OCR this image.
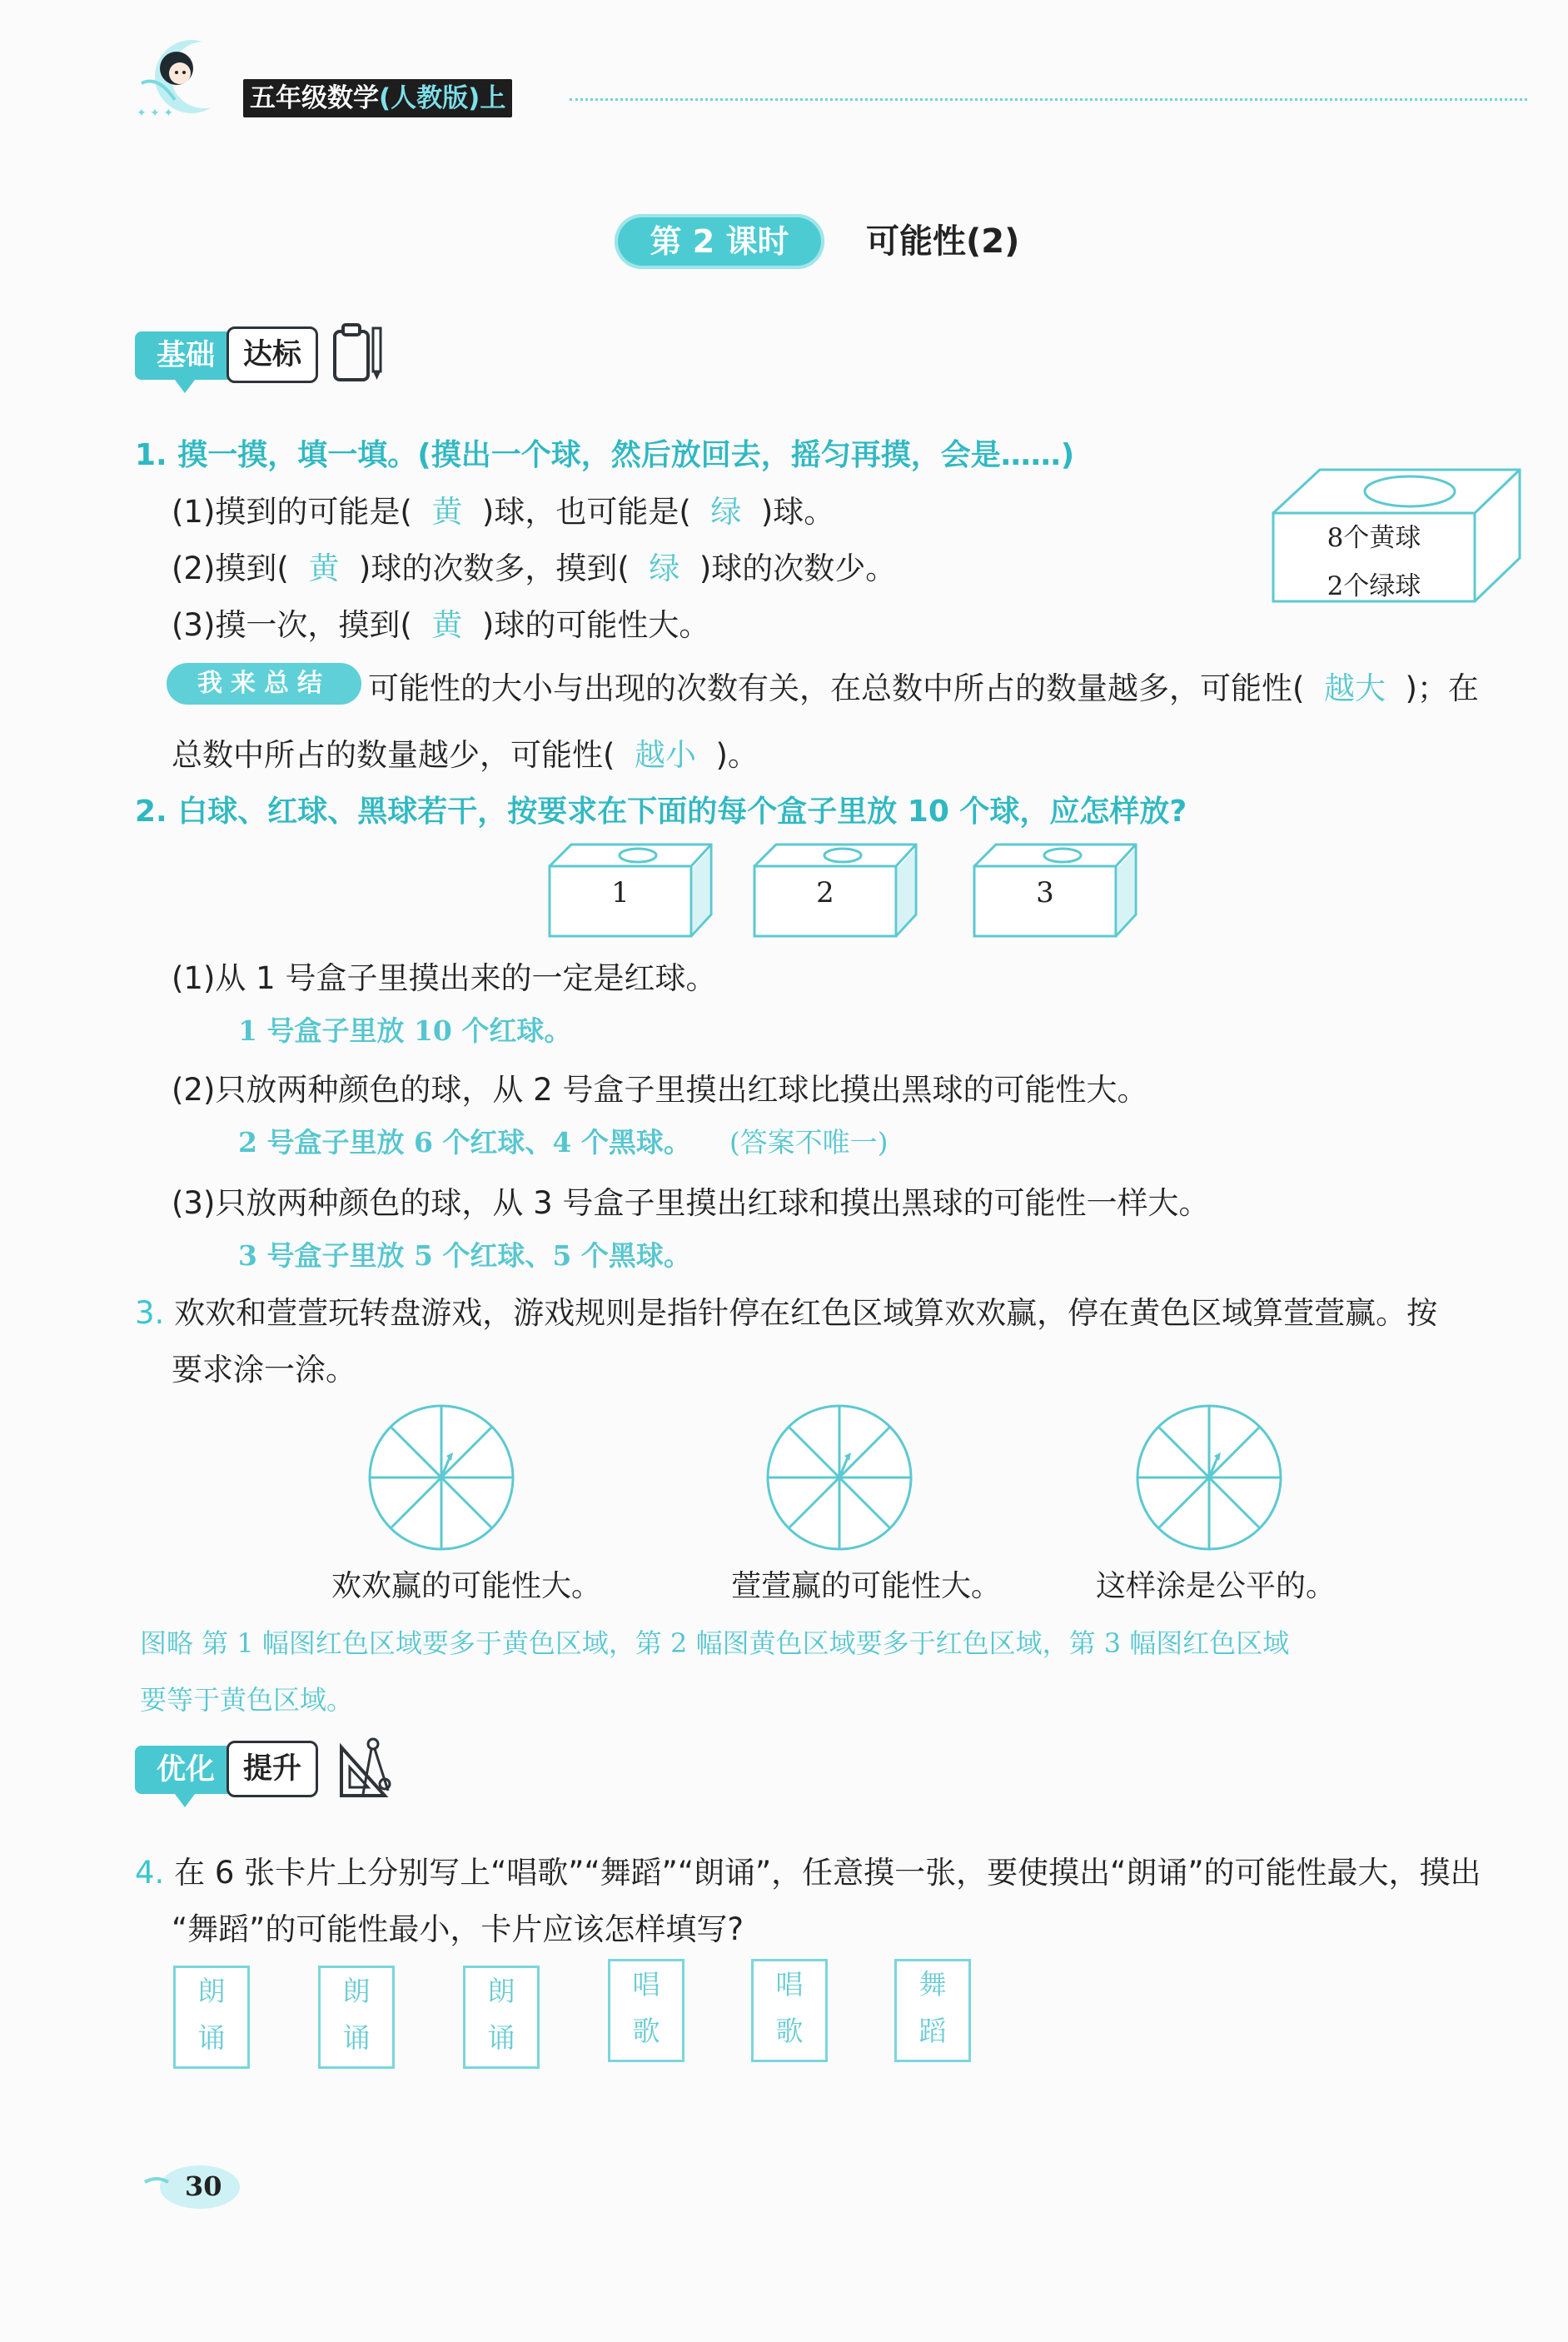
✦ ✦ ✦	五年级数学(人教版)上
第 2 课时	可能性(2)
基础 达标
1. 摸一摸，填一填。(摸出一个球，然后放回去，摇匀再摸，会是……)
(1)摸到的可能是( 黄 )球，也可能是( 绿 )球。
(2)摸到( 黄 )球的次数多，摸到( 绿 )球的次数少。
(3)摸一次，摸到( 黄 )球的可能性大。
8个黄球
2个绿球
我来总结	可能性的大小与出现的次数有关，在总数中所占的数量越多，可能性( 越大 )；在
总数中所占的数量越少，可能性( 越小 )。
2. 白球、红球、黑球若干，按要求在下面的每个盒子里放 10 个球，应怎样放?
1	2	3
(1)从 1 号盒子里摸出来的一定是红球。
1 号盒子里放 10 个红球。
(2)只放两种颜色的球，从 2 号盒子里摸出红球比摸出黑球的可能性大。
2 号盒子里放 6 个红球、4 个黑球。 (答案不唯一)
(3)只放两种颜色的球，从 3 号盒子里摸出红球和摸出黑球的可能性一样大。
3 号盒子里放 5 个红球、5 个黑球。
3. 欢欢和萱萱玩转盘游戏，游戏规则是指针停在红色区域算欢欢赢，停在黄色区域算萱萱赢。按
要求涂一涂。
欢欢赢的可能性大。	萱萱赢的可能性大。	这样涂是公平的。
图略 第 1 幅图红色区域要多于黄色区域，第 2 幅图黄色区域要多于红色区域，第 3 幅图红色区域
要等于黄色区域。
优化 提升
4. 在 6 张卡片上分别写上“唱歌”“舞蹈”“朗诵”，任意摸一张，要使摸出“朗诵”的可能性最大，摸出
“舞蹈”的可能性最小，卡片应该怎样填写?
朗
诵
朗
诵
朗
诵
唱
歌
唱
歌
舞
蹈
30
